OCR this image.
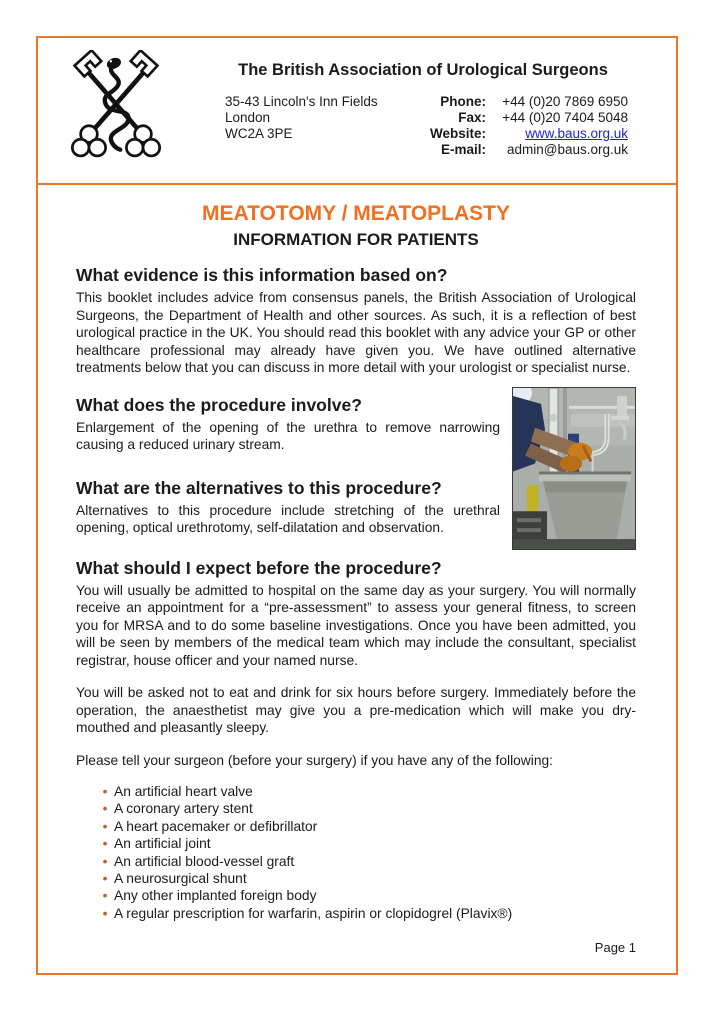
The British Association of Urological Surgeons
35-43 Lincoln's Inn Fields
London
WC2A 3PE
Phone: +44 (0)20 7869 6950
Fax: +44 (0)20 7404 5048
Website:	www.baus.org.uk
E-mail:	admin@baus.org.uk
MEATOTOMY / MEATOPLASTY
INFORMATION FOR PATIENTS
What evidence is this information based on?

This booklet includes advice from consensus panels, the British Association of Urological Surgeons, the Department of Health and other sources. As such, it is a reflection of best urological practice in the UK. You should read this booklet with any advice your GP or other healthcare professional may already have given you. We have outlined alternative treatments below that you can discuss in more detail with your urologist or specialist nurse.

What does the procedure involve?

Enlargement of the opening of the urethra to remove narrowing causing a reduced urinary stream.

What are the alternatives to this procedure?

Alternatives to this procedure include stretching of the urethral opening, optical urethrotomy, self-dilatation and observation.

What should I expect before the procedure?

You will usually be admitted to hospital on the same day as your surgery. You will normally receive an appointment for a “pre-assessment” to assess your general fitness, to screen you for MRSA and to do some baseline investigations. Once you have been admitted, you will be seen by members of the medical team which may include the consultant, specialist registrar, house officer and your named nurse.

You will be asked not to eat and drink for six hours before surgery. Immediately before the operation, the anaesthetist may give you a pre-medication which will make you dry-mouthed and pleasantly sleepy.

Please tell your surgeon (before your surgery) if you have any of the following:

• An artificial heart valve
• A coronary artery stent
• A heart pacemaker or defibrillator
• An artificial joint
• An artificial blood-vessel graft
• A neurosurgical shunt
• Any other implanted foreign body
• A regular prescription for warfarin, aspirin or clopidogrel (Plavix®)
Page 1
